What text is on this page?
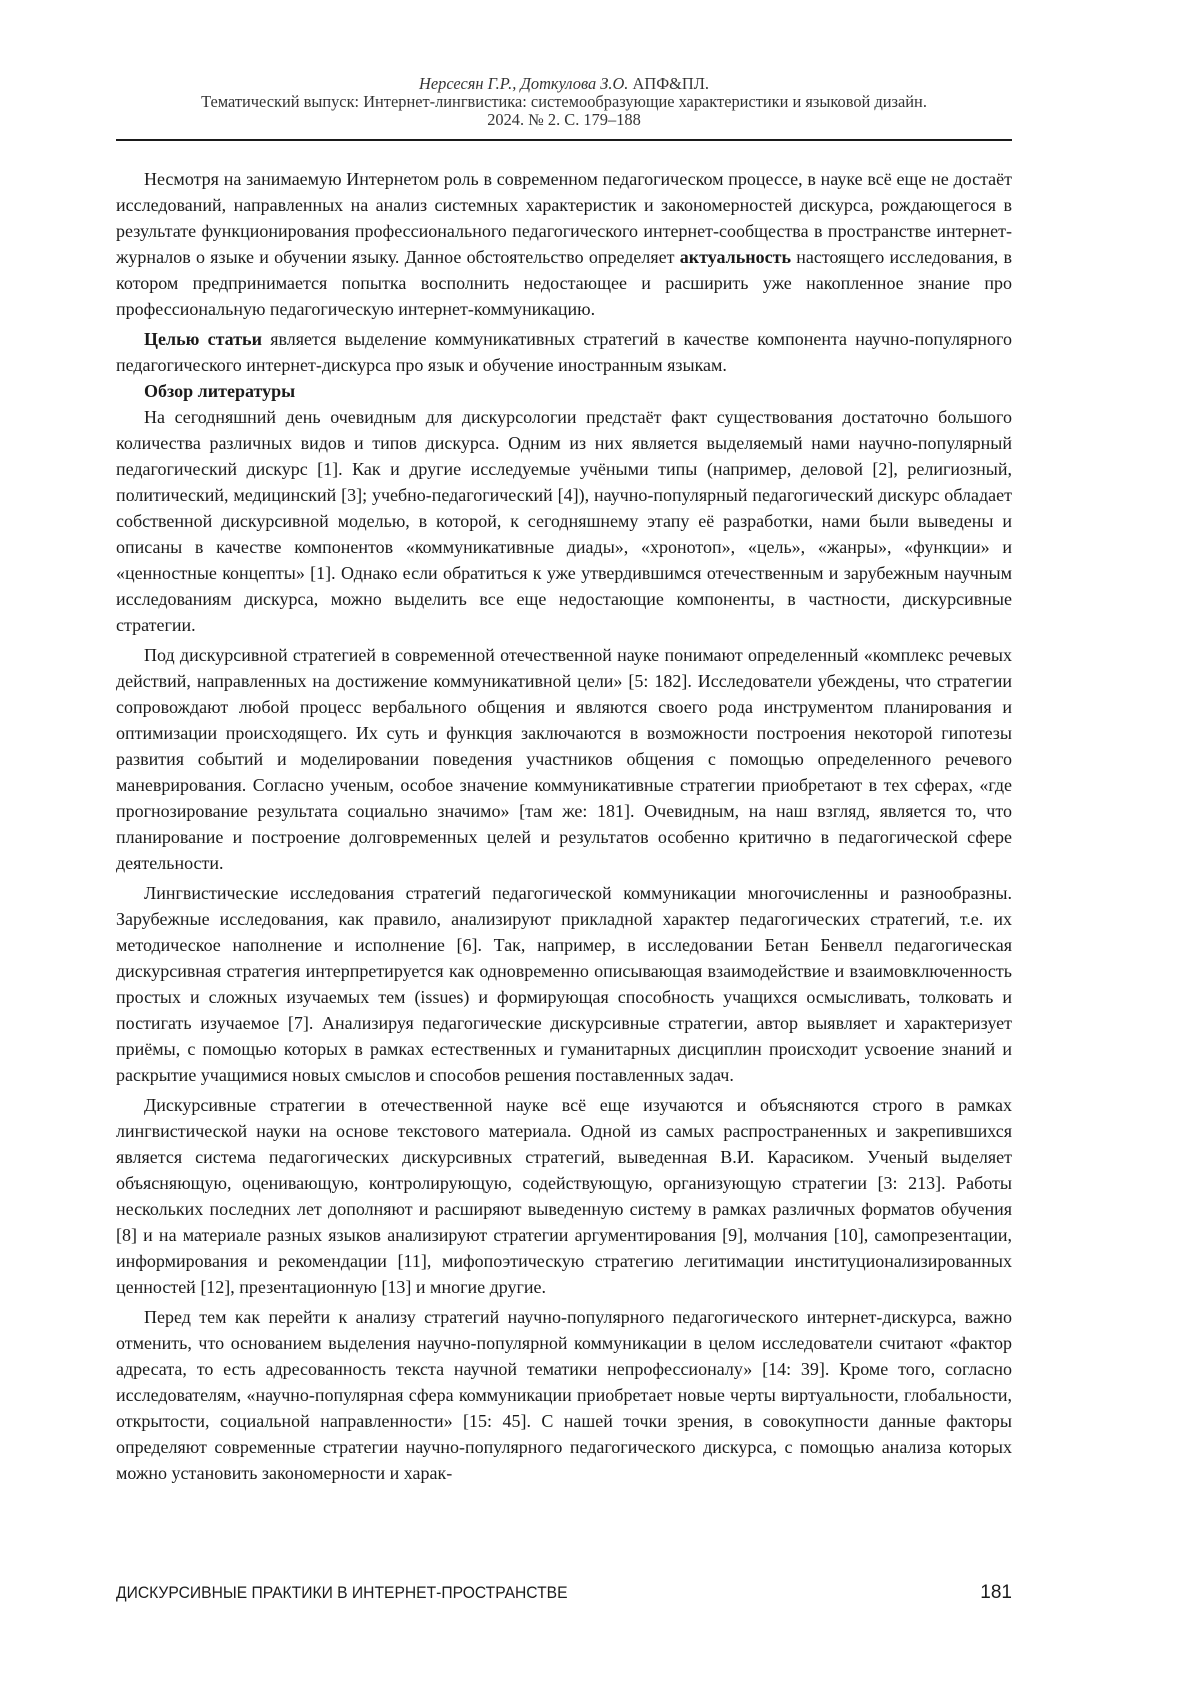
Нерсесян Г.Р., Доткулова З.О. АПФ&ПЛ.
Тематический выпуск: Интернет-лингвистика: системообразующие характеристики и языковой дизайн.
2024. № 2. С. 179–188

Несмотря на занимаемую Интернетом роль в современном педагогическом процессе, в науке всё еще не достаёт исследований, направленных на анализ системных характеристик и закономерностей дискурса, рождающегося в результате функционирования профессионального педагогического интернет-сообщества в пространстве интернет-журналов о языке и обучении языку. Данное обстоятельство определяет актуальность настоящего исследования, в котором предпринимается попытка восполнить недостающее и расширить уже накопленное знание про профессиональную педагогическую интернет-коммуникацию.

Целью статьи является выделение коммуникативных стратегий в качестве компонента научно-популярного педагогического интернет-дискурса про язык и обучение иностранным языкам.

Обзор литературы

На сегодняшний день очевидным для дискурсологии предстаёт факт существования достаточно большого количества различных видов и типов дискурса. Одним из них является выделяемый нами научно-популярный педагогический дискурс [1]. Как и другие исследуемые учёными типы (например, деловой [2], религиозный, политический, медицинский [3]; учебно-педагогический [4]), научно-популярный педагогический дискурс обладает собственной дискурсивной моделью, в которой, к сегодняшнему этапу её разработки, нами были выведены и описаны в качестве компонентов «коммуникативные диады», «хронотоп», «цель», «жанры», «функции» и «ценностные концепты» [1]. Однако если обратиться к уже утвердившимся отечественным и зарубежным научным исследованиям дискурса, можно выделить все еще недостающие компоненты, в частности, дискурсивные стратегии.

Под дискурсивной стратегией в современной отечественной науке понимают определенный «комплекс речевых действий, направленных на достижение коммуникативной цели» [5: 182]. Исследователи убеждены, что стратегии сопровождают любой процесс вербального общения и являются своего рода инструментом планирования и оптимизации происходящего. Их суть и функция заключаются в возможности построения некоторой гипотезы развития событий и моделировании поведения участников общения с помощью определенного речевого маневрирования. Согласно ученым, особое значение коммуникативные стратегии приобретают в тех сферах, «где прогнозирование результата социально значимо» [там же: 181]. Очевидным, на наш взгляд, является то, что планирование и построение долговременных целей и результатов особенно критично в педагогической сфере деятельности.

Лингвистические исследования стратегий педагогической коммуникации многочисленны и разнообразны. Зарубежные исследования, как правило, анализируют прикладной характер педагогических стратегий, т.е. их методическое наполнение и исполнение [6]. Так, например, в исследовании Бетан Бенвелл педагогическая дискурсивная стратегия интерпретируется как одновременно описывающая взаимодействие и взаимовключенность простых и сложных изучаемых тем (issues) и формирующая способность учащихся осмысливать, толковать и постигать изучаемое [7]. Анализируя педагогические дискурсивные стратегии, автор выявляет и характеризует приёмы, с помощью которых в рамках естественных и гуманитарных дисциплин происходит усвоение знаний и раскрытие учащимися новых смыслов и способов решения поставленных задач.

Дискурсивные стратегии в отечественной науке всё еще изучаются и объясняются строго в рамках лингвистической науки на основе текстового материала. Одной из самых распространенных и закрепившихся является система педагогических дискурсивных стратегий, выведенная В.И. Карасиком. Ученый выделяет объясняющую, оценивающую, контролирующую, содействующую, организующую стратегии [3: 213]. Работы нескольких последних лет дополняют и расширяют выведенную систему в рамках различных форматов обучения [8] и на материале разных языков анализируют стратегии аргументирования [9], молчания [10], самопрезентации, информирования и рекомендации [11], мифопоэтическую стратегию легитимации институционализированных ценностей [12], презентационную [13] и многие другие.

Перед тем как перейти к анализу стратегий научно-популярного педагогического интернет-дискурса, важно отменить, что основанием выделения научно-популярной коммуникации в целом исследователи считают «фактор адресата, то есть адресованность текста научной тематики непрофессионалу» [14: 39]. Кроме того, согласно исследователям, «научно-популярная сфера коммуникации приобретает новые черты виртуальности, глобальности, открытости, социальной направленности» [15: 45]. С нашей точки зрения, в совокупности данные факторы определяют современные стратегии научно-популярного педагогического дискурса, с помощью анализа которых можно установить закономерности и харак-

ДИСКУРСИВНЫЕ ПРАКТИКИ В ИНТЕРНЕТ-ПРОСТРАНСТВЕ	181
